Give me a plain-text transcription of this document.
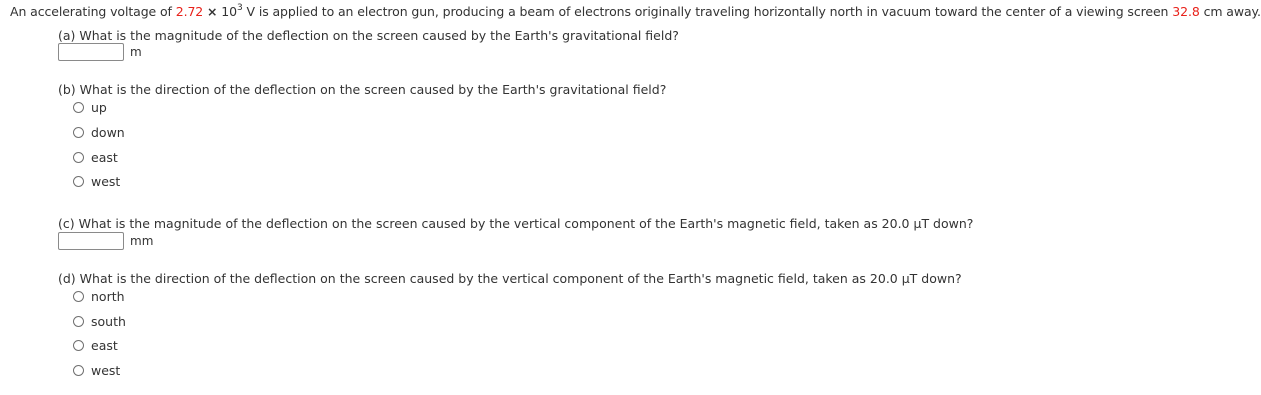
An accelerating voltage of $2.72 \times 10^3$ V is applied to an electron gun, producing a beam of electrons originally traveling horizontally north in vacuum toward the center of a viewing screen 32.8 cm away.
(a) What is the magnitude of the deflection on the screen caused by the Earth's gravitational field?
m
(b) What is the direction of the deflection on the screen caused by the Earth's gravitational field?
up
down
east
west
(c) What is the magnitude of the deflection on the screen caused by the vertical component of the Earth's magnetic field, taken as 20.0 μT down?
mm
(d) What is the direction of the deflection on the screen caused by the vertical component of the Earth's magnetic field, taken as 20.0 μT down?
north
south
east
west
